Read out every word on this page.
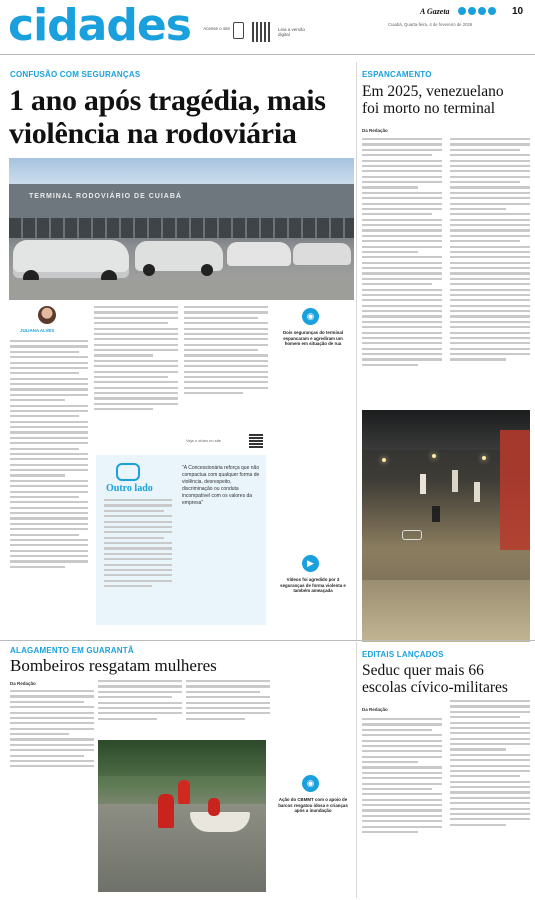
cidades	Acesse o site	Leia a versão digital
A Gazeta	10
Cuiabá, Quarta-feira, 4 de fevereiro de 2026
CONFUSÃO COM SEGURANÇAS
1 ano após tragédia, mais
violência na rodoviária
TERMINAL RODOVIÁRIO DE CUIABÁ
JULIANA ALVES
Veja o vídeo no site
◉
Dois seguranças do terminal espancaram e agrediram um homem em situação de rua
Outro lado
"A Concessionária reforça que não compactua com qualquer forma de violência, desrespeito, discriminação ou conduta incompatível com os valores da empresa"
▶
Vídeos foi agredido por 3 seguranças de forma violenta e também ameaçada
ESPANCAMENTO
Em 2025, venezuelano
foi morto no terminal
Da Redação
ALAGAMENTO EM GUARANTÃ
Bombeiros resgatam mulheres
Da Redação
◉
Ação do CBMMT com o apoio de barcos resgatou idosa e crianças após a inundação
EDITAIS LANÇADOS
Seduc quer mais 66
escolas cívico-militares
Da Redação
